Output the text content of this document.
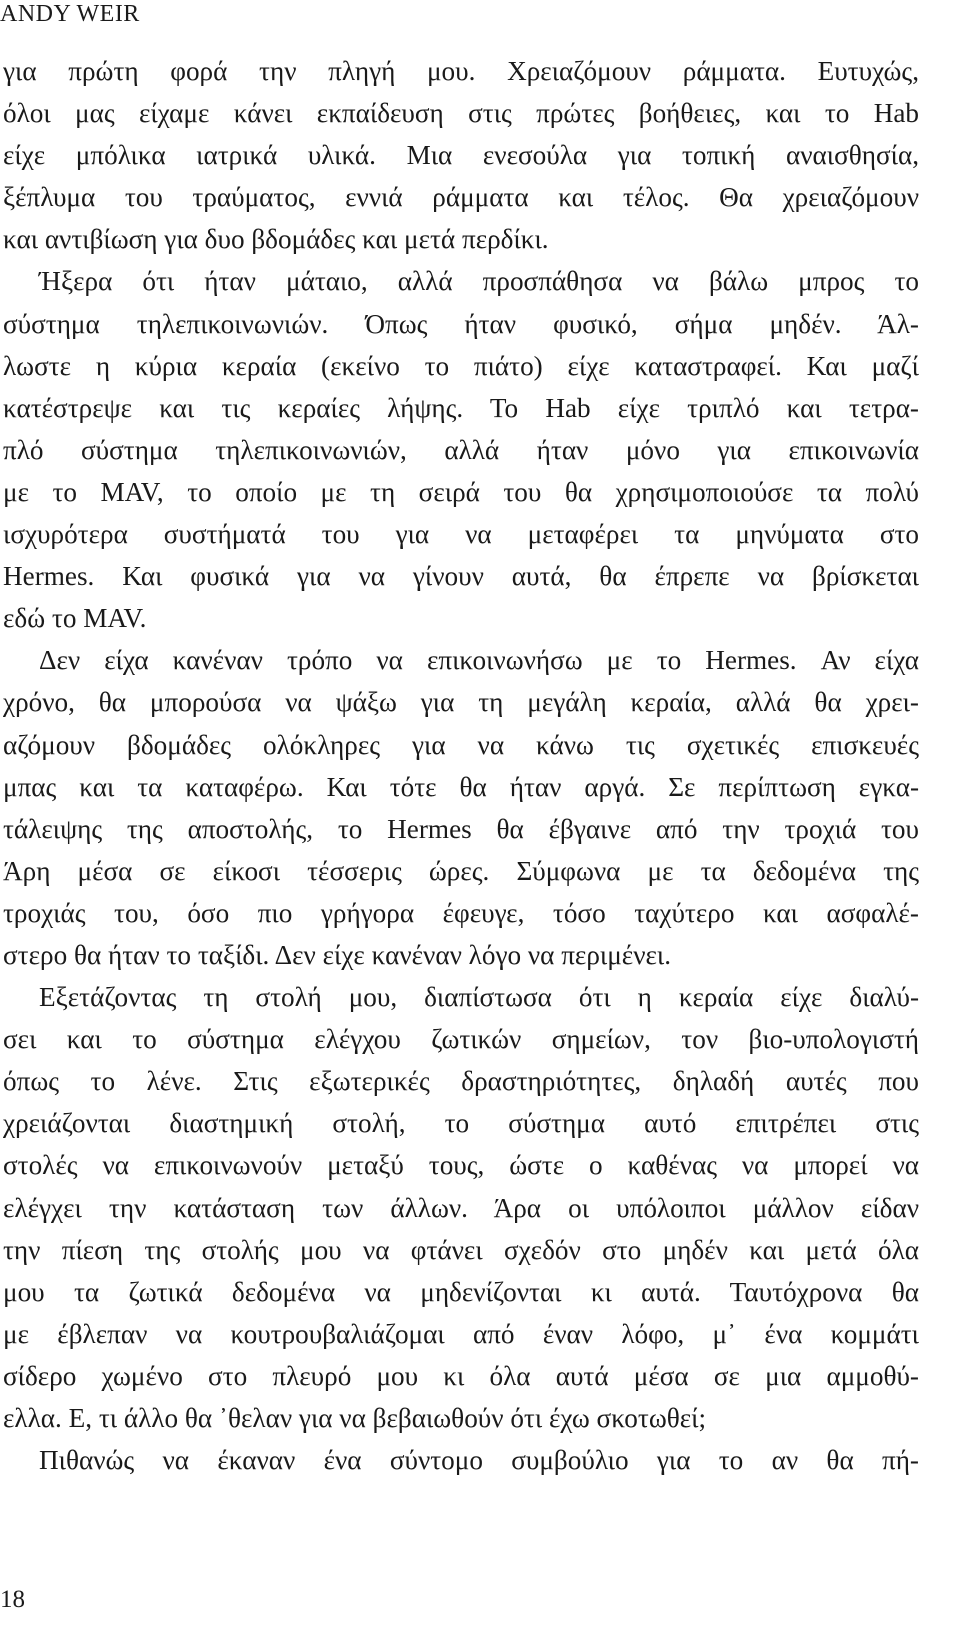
ANDY WEIR
για πρώτη φορά την πληγή μου. Χρειαζόμουν ράμματα. Ευτυχώς,
όλοι μας είχαμε κάνει εκπαίδευση στις πρώτες βοήθειες, και το Hab
είχε μπόλικα ιατρικά υλικά. Μια ενεσούλα για τοπική αναισθησία,
ξέπλυμα του τραύματος, εννιά ράμματα και τέλος. Θα χρειαζόμουν
και αντιβίωση για δυο βδομάδες και μετά περδίκι.
Ήξερα ότι ήταν μάταιο, αλλά προσπάθησα να βάλω μπρος το
σύστημα τηλεπικοινωνιών. Όπως ήταν φυσικό, σήμα μηδέν. Άλ-
λωστε η κύρια κεραία (εκείνο το πιάτο) είχε καταστραφεί. Και μαζί
κατέστρεψε και τις κεραίες λήψης. Το Hab είχε τριπλό και τετρα-
πλό σύστημα τηλεπικοινωνιών, αλλά ήταν μόνο για επικοινωνία
με το MAV, το οποίο με τη σειρά του θα χρησιμοποιούσε τα πολύ
ισχυρότερα συστήματά του για να μεταφέρει τα μηνύματα στο
Hermes. Και φυσικά για να γίνουν αυτά, θα έπρεπε να βρίσκεται
εδώ το MAV.
Δεν είχα κανέναν τρόπο να επικοινωνήσω με το Hermes. Αν είχα
χρόνο, θα μπορούσα να ψάξω για τη μεγάλη κεραία, αλλά θα χρει-
αζόμουν βδομάδες ολόκληρες για να κάνω τις σχετικές επισκευές
μπας και τα καταφέρω. Και τότε θα ήταν αργά. Σε περίπτωση εγκα-
τάλειψης της αποστολής, το Hermes θα έβγαινε από την τροχιά του
Άρη μέσα σε είκοσι τέσσερις ώρες. Σύμφωνα με τα δεδομένα της
τροχιάς του, όσο πιο γρήγορα έφευγε, τόσο ταχύτερο και ασφαλέ-
στερο θα ήταν το ταξίδι. Δεν είχε κανέναν λόγο να περιμένει.
Εξετάζοντας τη στολή μου, διαπίστωσα ότι η κεραία είχε διαλύ-
σει και το σύστημα ελέγχου ζωτικών σημείων, τον βιο-υπολογιστή
όπως το λένε. Στις εξωτερικές δραστηριότητες, δηλαδή αυτές που
χρειάζονται διαστημική στολή, το σύστημα αυτό επιτρέπει στις
στολές να επικοινωνούν μεταξύ τους, ώστε ο καθένας να μπορεί να
ελέγχει την κατάσταση των άλλων. Άρα οι υπόλοιποι μάλλον είδαν
την πίεση της στολής μου να φτάνει σχεδόν στο μηδέν και μετά όλα
μου τα ζωτικά δεδομένα να μηδενίζονται κι αυτά. Ταυτόχρονα θα
με έβλεπαν να κουτρουβαλιάζομαι από έναν λόφο, μ᾽ ένα κομμάτι
σίδερο χωμένο στο πλευρό μου κι όλα αυτά μέσα σε μια αμμοθύ-
ελλα. Ε, τι άλλο θα ᾽θελαν για να βεβαιωθούν ότι έχω σκοτωθεί;
Πιθανώς να έκαναν ένα σύντομο συμβούλιο για το αν θα πή-
18
